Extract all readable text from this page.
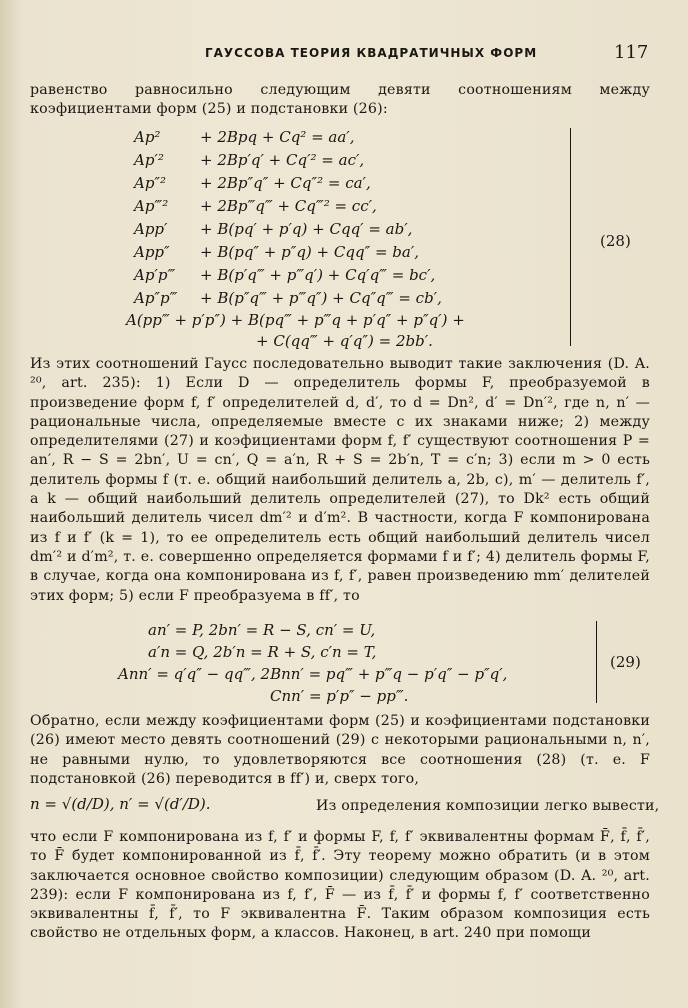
ГАУССОВА ТЕОРИЯ КВАДРАТИЧНЫХ ФОРМ	117

равенство равносильно следующим девяти соотношениям между коэфициентами форм (25) и подстановки (26):

Ap²	+ 2Bpq + Cq² = aa′,
Ap′² + 2Bp′q′ + Cq′² = ac′,
Ap″² + 2Bp″q″ + Cq″² = ca′,
Ap‴² + 2Bp‴q‴ + Cq‴² = cc′,
App′ + B(pq′ + p′q) + Cqq′ = ab′,
App″ + B(pq″ + p″q) + Cqq″ = ba′,
Ap′p‴ + B(p′q‴ + p‴q′) + Cq′q‴ = bc′,
Ap″p‴ + B(p″q‴ + p‴q″) + Cq″q‴ = cb′,
A(pp‴ + p′p″) + B(pq‴ + p‴q + p′q″ + p″q′) +
+ C(qq‴ + q′q″) = 2bb′.
(28)

Из этих соотношений Гаусс последовательно выводит такие заключения (D. A. ²⁰, art. 235): 1) Если D — определитель формы F, преобразуемой в произведение форм f, f′ определителей d, d′, то d = Dn², d′ = Dn′², где n, n′ — рациональные числа, определяемые вместе с их знаками ниже; 2) между определителями (27) и коэфициентами форм f, f′ существуют соотношения P = an′, R − S = 2bn′, U = cn′, Q = a′n, R + S = 2b′n, T = c′n; 3) если m > 0 есть делитель формы f (т. е. общий наибольший делитель a, 2b, c), m′ — делитель f′, а k — общий наибольший делитель определителей (27), то Dk² есть общий наибольший делитель чисел dm′² и d′m². В частности, когда F компонирована из f и f′ (k = 1), то ее определитель есть общий наибольший делитель чисел dm′² и d′m², т. е. совершенно определяется формами f и f′; 4) делитель формы F, в случае, когда она компонирована из f, f′, равен произведению mm′ делителей этих форм; 5) если F преобразуема в ff′, то

an′ = P, 2bn′ = R − S, cn′ = U,
a′n = Q, 2b′n = R + S, c′n = T,
Ann′ = q′q″ − qq‴, 2Bnn′ = pq‴ + p‴q − p′q″ − p″q′,
Cnn′ = p′p″ − pp‴.
(29)

Обратно, если между коэфициентами форм (25) и коэфициентами подстановки (26) имеют место девять соотношений (29) с некоторыми рациональными n, n′, не равными нулю, то удовлетворяются все соотношения (28) (т. е. F подстановкой (26) переводится в ff′) и, сверх того,

n = √(d/D), n′ = √(d′/D).	Из определения композиции легко вывести,

что если F компонирована из f, f′ и формы F, f, f′ эквивалентны формам F̄, f̄, f̄′, то F̄ будет компонированной из f̄, f̄′. Эту теорему можно обратить (и в этом заключается основное свойство композиции) следующим образом (D. A. ²⁰, art. 239): если F компонирована из f, f′, F̄ — из f̄, f̄′ и формы f, f′ соответственно эквивалентны f̄, f̄′, то F эквивалентна F̄. Таким образом композиция есть свойство не отдельных форм, а классов. Наконец, в art. 240 при помощи
